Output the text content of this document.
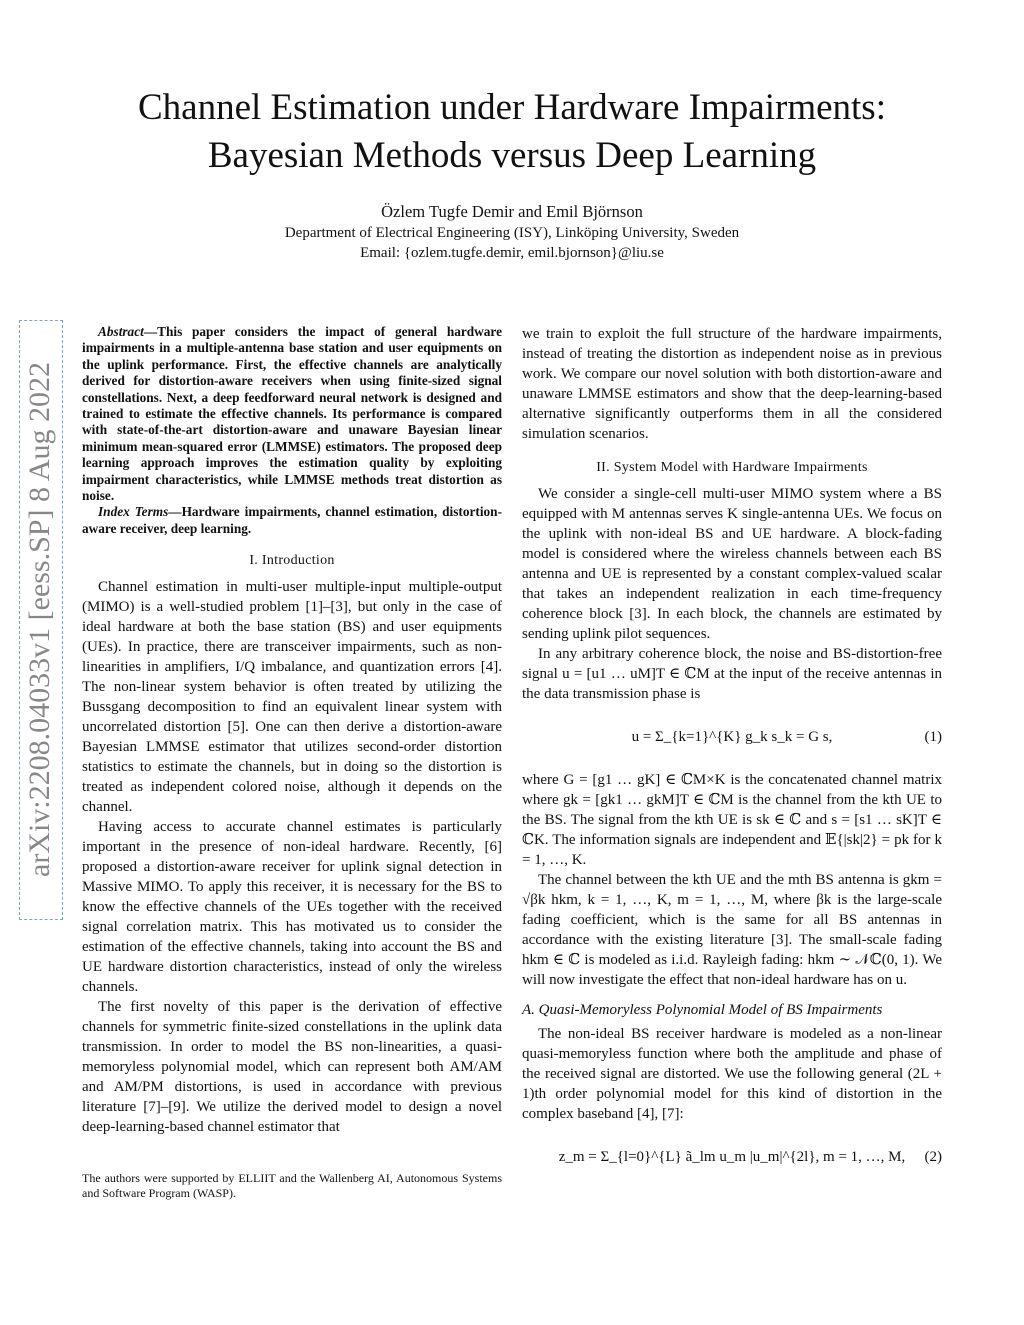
Channel Estimation under Hardware Impairments:
Bayesian Methods versus Deep Learning
Özlem Tugfe Demir and Emil Björnson
Department of Electrical Engineering (ISY), Linköping University, Sweden
Email: {ozlem.tugfe.demir, emil.bjornson}@liu.se
arXiv:2208.04033v1 [eess.SP] 8 Aug 2022

Abstract—This paper considers the impact of general hardware impairments in a multiple-antenna base station and user equipments on the uplink performance. First, the effective channels are analytically derived for distortion-aware receivers when using finite-sized signal constellations. Next, a deep feedforward neural network is designed and trained to estimate the effective channels. Its performance is compared with state-of-the-art distortion-aware and unaware Bayesian linear minimum mean-squared error (LMMSE) estimators. The proposed deep learning approach improves the estimation quality by exploiting impairment characteristics, while LMMSE methods treat distortion as noise.

Index Terms—Hardware impairments, channel estimation, distortion-aware receiver, deep learning.

I. Introduction

Channel estimation in multi-user multiple-input multiple-output (MIMO) is a well-studied problem [1]–[3], but only in the case of ideal hardware at both the base station (BS) and user equipments (UEs). In practice, there are transceiver impairments, such as non-linearities in amplifiers, I/Q imbalance, and quantization errors [4]. The non-linear system behavior is often treated by utilizing the Bussgang decomposition to find an equivalent linear system with uncorrelated distortion [5]. One can then derive a distortion-aware Bayesian LMMSE estimator that utilizes second-order distortion statistics to estimate the channels, but in doing so the distortion is treated as independent colored noise, although it depends on the channel.

Having access to accurate channel estimates is particularly important in the presence of non-ideal hardware. Recently, [6] proposed a distortion-aware receiver for uplink signal detection in Massive MIMO. To apply this receiver, it is necessary for the BS to know the effective channels of the UEs together with the received signal correlation matrix. This has motivated us to consider the estimation of the effective channels, taking into account the BS and UE hardware distortion characteristics, instead of only the wireless channels.

The first novelty of this paper is the derivation of effective channels for symmetric finite-sized constellations in the uplink data transmission. In order to model the BS non-linearities, a quasi-memoryless polynomial model, which can represent both AM/AM and AM/PM distortions, is used in accordance with previous literature [7]–[9]. We utilize the derived model to design a novel deep-learning-based channel estimator that

The authors were supported by ELLIIT and the Wallenberg AI, Autonomous Systems and Software Program (WASP).

we train to exploit the full structure of the hardware impairments, instead of treating the distortion as independent noise as in previous work. We compare our novel solution with both distortion-aware and unaware LMMSE estimators and show that the deep-learning-based alternative significantly outperforms them in all the considered simulation scenarios.

II. System Model with Hardware Impairments

We consider a single-cell multi-user MIMO system where a BS equipped with M antennas serves K single-antenna UEs. We focus on the uplink with non-ideal BS and UE hardware. A block-fading model is considered where the wireless channels between each BS antenna and UE is represented by a constant complex-valued scalar that takes an independent realization in each time-frequency coherence block [3]. In each block, the channels are estimated by sending uplink pilot sequences.

In any arbitrary coherence block, the noise and BS-distortion-free signal u = [u1 … uM]T ∈ ℂM at the input of the receive antennas in the data transmission phase is

u = Σ_{k=1}^{K} g_k s_k = G s,	(1)

where G = [g1 … gK] ∈ ℂM×K is the concatenated channel matrix where gk = [gk1 … gkM]T ∈ ℂM is the channel from the kth UE to the BS. The signal from the kth UE is sk ∈ ℂ and s = [s1 … sK]T ∈ ℂK. The information signals are independent and 𝔼{|sk|2} = pk for k = 1, …, K.

The channel between the kth UE and the mth BS antenna is gkm = √βk hkm, k = 1, …, K, m = 1, …, M, where βk is the large-scale fading coefficient, which is the same for all BS antennas in accordance with the existing literature [3]. The small-scale fading hkm ∈ ℂ is modeled as i.i.d. Rayleigh fading: hkm ∼ 𝒩ℂ(0, 1). We will now investigate the effect that non-ideal hardware has on u.

A. Quasi-Memoryless Polynomial Model of BS Impairments

The non-ideal BS receiver hardware is modeled as a non-linear quasi-memoryless function where both the amplitude and phase of the received signal are distorted. We use the following general (2L + 1)th order polynomial model for this kind of distortion in the complex baseband [4], [7]:

z_m = Σ_{l=0}^{L} ã_lm u_m |u_m|^{2l}, m = 1, …, M, (2)
